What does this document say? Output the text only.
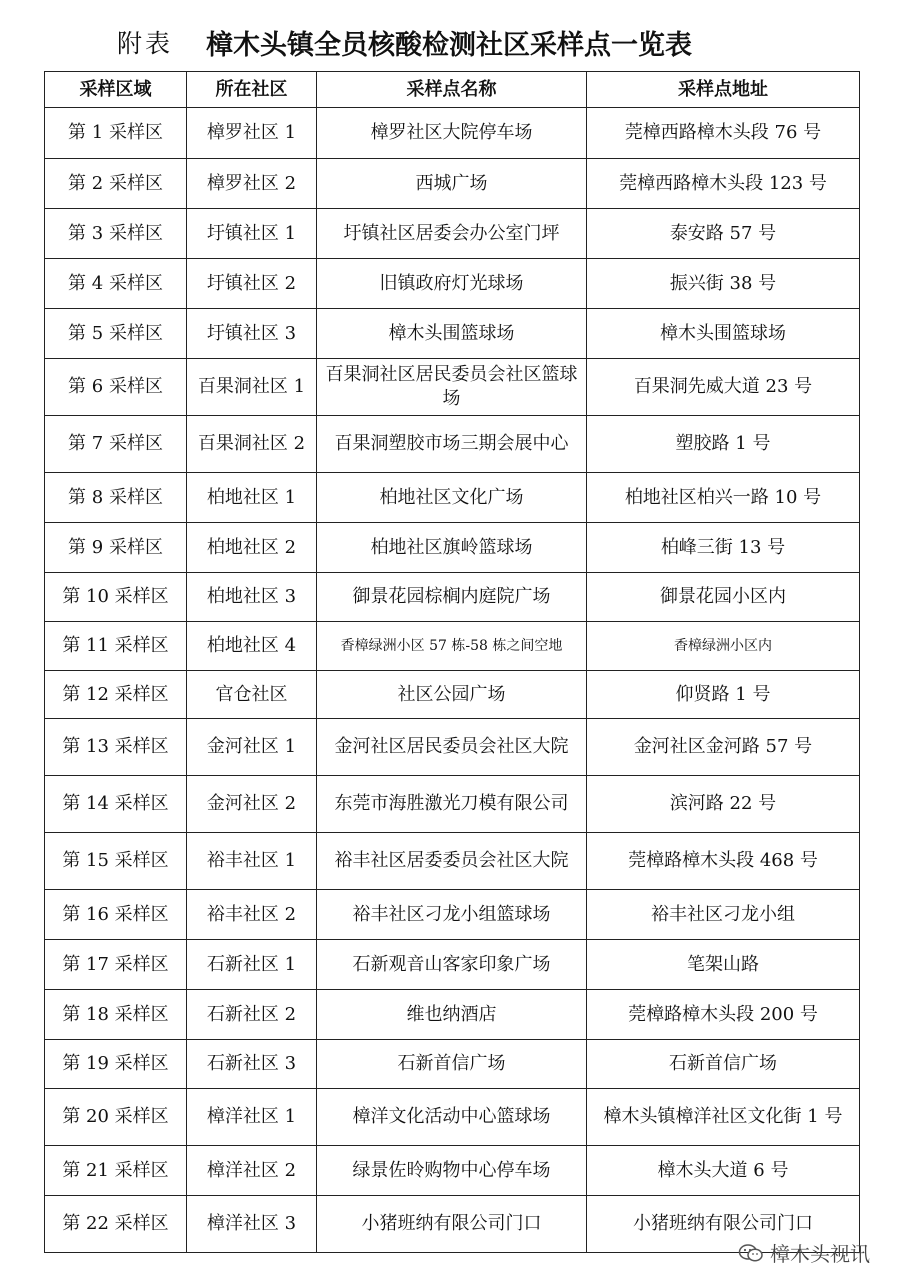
附表 樟木头镇全员核酸检测社区采样点一览表
采样区域	所在社区	采样点名称	采样点地址
第 1 采样区	樟罗社区 1	樟罗社区大院停车场	莞樟西路樟木头段 76 号
第 2 采样区	樟罗社区 2	西城广场	莞樟西路樟木头段 123 号
第 3 采样区	圩镇社区 1	圩镇社区居委会办公室门坪	泰安路 57 号
第 4 采样区	圩镇社区 2	旧镇政府灯光球场	振兴街 38 号
第 5 采样区	圩镇社区 3	樟木头围篮球场	樟木头围篮球场
第 6 采样区	百果洞社区 1	百果洞社区居民委员会社区篮球场	百果洞先威大道 23 号
第 7 采样区	百果洞社区 2	百果洞塑胶市场三期会展中心	塑胶路 1 号
第 8 采样区	柏地社区 1	柏地社区文化广场	柏地社区柏兴一路 10 号
第 9 采样区	柏地社区 2	柏地社区旗岭篮球场	柏峰三街 13 号
第 10 采样区	柏地社区 3	御景花园棕榈内庭院广场	御景花园小区内
第 11 采样区	柏地社区 4	香樟绿洲小区 57 栋-58 栋之间空地	香樟绿洲小区内
第 12 采样区	官仓社区	社区公园广场	仰贤路 1 号
第 13 采样区	金河社区 1	金河社区居民委员会社区大院	金河社区金河路 57 号
第 14 采样区	金河社区 2	东莞市海胜激光刀模有限公司	滨河路 22 号
第 15 采样区	裕丰社区 1	裕丰社区居委委员会社区大院	莞樟路樟木头段 468 号
第 16 采样区	裕丰社区 2	裕丰社区刁龙小组篮球场	裕丰社区刁龙小组
第 17 采样区	石新社区 1	石新观音山客家印象广场	笔架山路
第 18 采样区	石新社区 2	维也纳酒店	莞樟路樟木头段 200 号
第 19 采样区	石新社区 3	石新首信广场	石新首信广场
第 20 采样区	樟洋社区 1	樟洋文化活动中心篮球场	樟木头镇樟洋社区文化街 1 号
第 21 采样区	樟洋社区 2	绿景佐昤购物中心停车场	樟木头大道 6 号
第 22 采样区	樟洋社区 3	小猪班纳有限公司门口	小猪班纳有限公司门口
樟木头视讯
